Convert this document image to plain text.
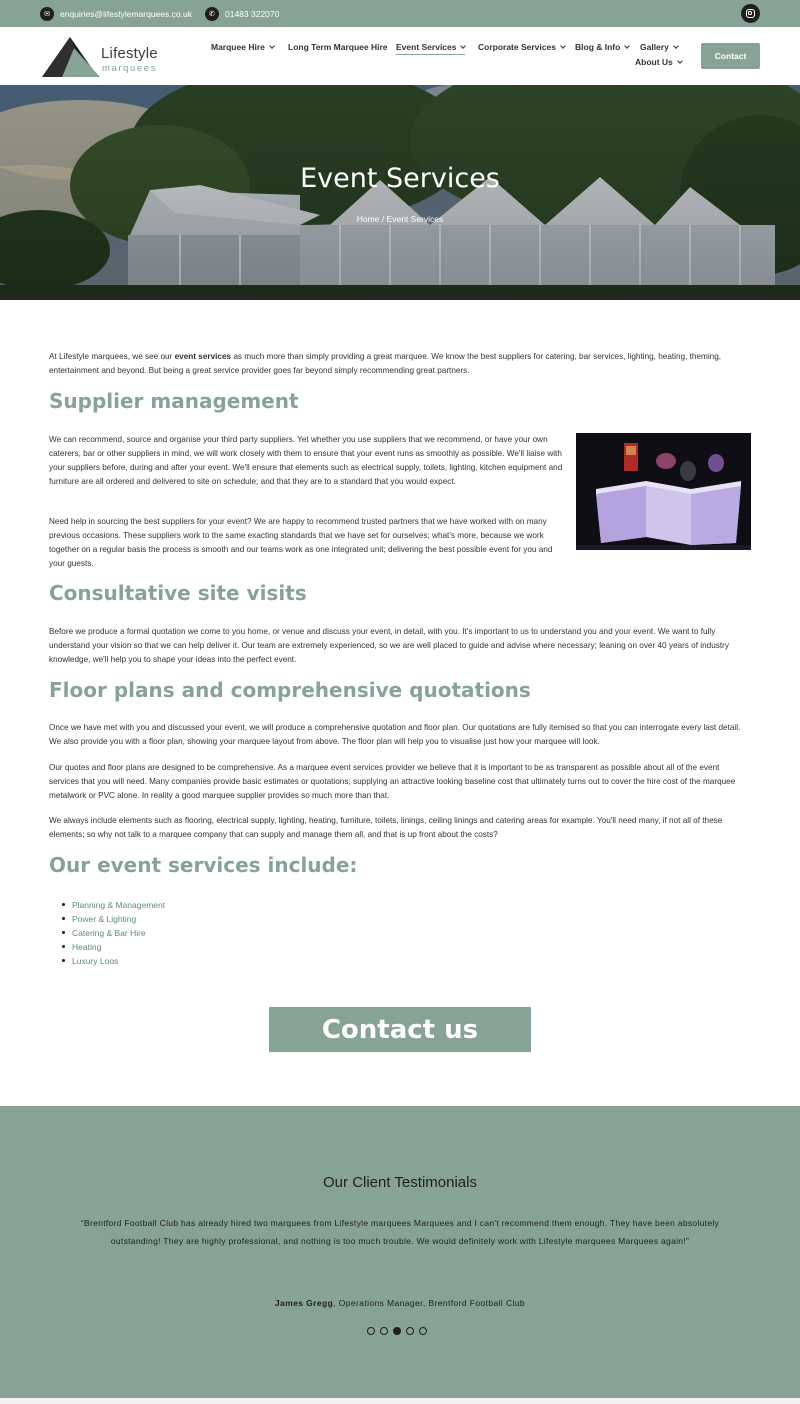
✉	enquiries@lifestylemarquees.co.uk	✆	01483 322070
Lifestyle
marquees
Marquee Hire	Long Term Marquee Hire Event Services	Corporate Services Blog & Info Gallery
About Us
Contact
Event Services
Home / Event Services

At Lifestyle marquees, we see our event services as much more than simply providing a great marquee. We know the best suppliers for catering, bar services, lighting, heating, theming, entertainment and beyond. But being a great service provider goes far beyond simply recommending great partners.

Supplier management

We can recommend, source and organise your third party suppliers. Yet whether you use suppliers that we recommend, or have your own caterers, bar or other suppliers in mind, we will work closely with them to ensure that your event runs as smoothly as possible. We'll liaise with your suppliers before, during and after your event. We'll ensure that elements such as electrical supply, toilets, lighting, kitchen equipment and furniture are all ordered and delivered to site on schedule; and that they are to a standard that you would expect.

Need help in sourcing the best suppliers for your event? We are happy to recommend trusted partners that we have worked with on many previous occasions. These suppliers work to the same exacting standards that we have set for ourselves; what's more, because we work together on a regular basis the process is smooth and our teams work as one integrated unit; delivering the best possible event for you and your guests.

Consultative site visits

Before we produce a formal quotation we come to you home, or venue and discuss your event, in detail, with you. It's important to us to understand you and your event. We want to fully understand your vision so that we can help deliver it. Our team are extremely experienced, so we are well placed to guide and advise where necessary; leaning on over 40 years of industry knowledge, we'll help you to shape your ideas into the perfect event.

Floor plans and comprehensive quotations

Once we have met with you and discussed your event, we will produce a comprehensive quotation and floor plan. Our quotations are fully itemised so that you can interrogate every last detail. We also provide you with a floor plan, showing your marquee layout from above. The floor plan will help you to visualise just how your marquee will look.

Our quotes and floor plans are designed to be comprehensive. As a marquee event services provider we believe that it is important to be as transparent as possible about all of the event services that you will need. Many companies provide basic estimates or quotations; supplying an attractive looking baseline cost that ultimately turns out to cover the hire cost of the marquee metalwork or PVC alone. In reality a good marquee supplier provides so much more than that.

We always include elements such as flooring, electrical supply, lighting, heating, furniture, toilets, linings, ceiling linings and catering areas for example. You'll need many, if not all of these elements; so why not talk to a marquee company that can supply and manage them all, and that is up front about the costs?

Our event services include:
Planning & Management
Power & Lighting
Catering & Bar Hire
Heating
Luxury Loos
Contact us
Our Client Testimonials
“Brentford Football Club has already hired two marquees from Lifestyle marquees Marquees and I can't recommend them enough. They have been absolutely outstanding! They are highly professional, and nothing is too much trouble. We would definitely work with Lifestyle marquees Marquees again!”
James Gregg, Operations Manager, Brentford Football Club
